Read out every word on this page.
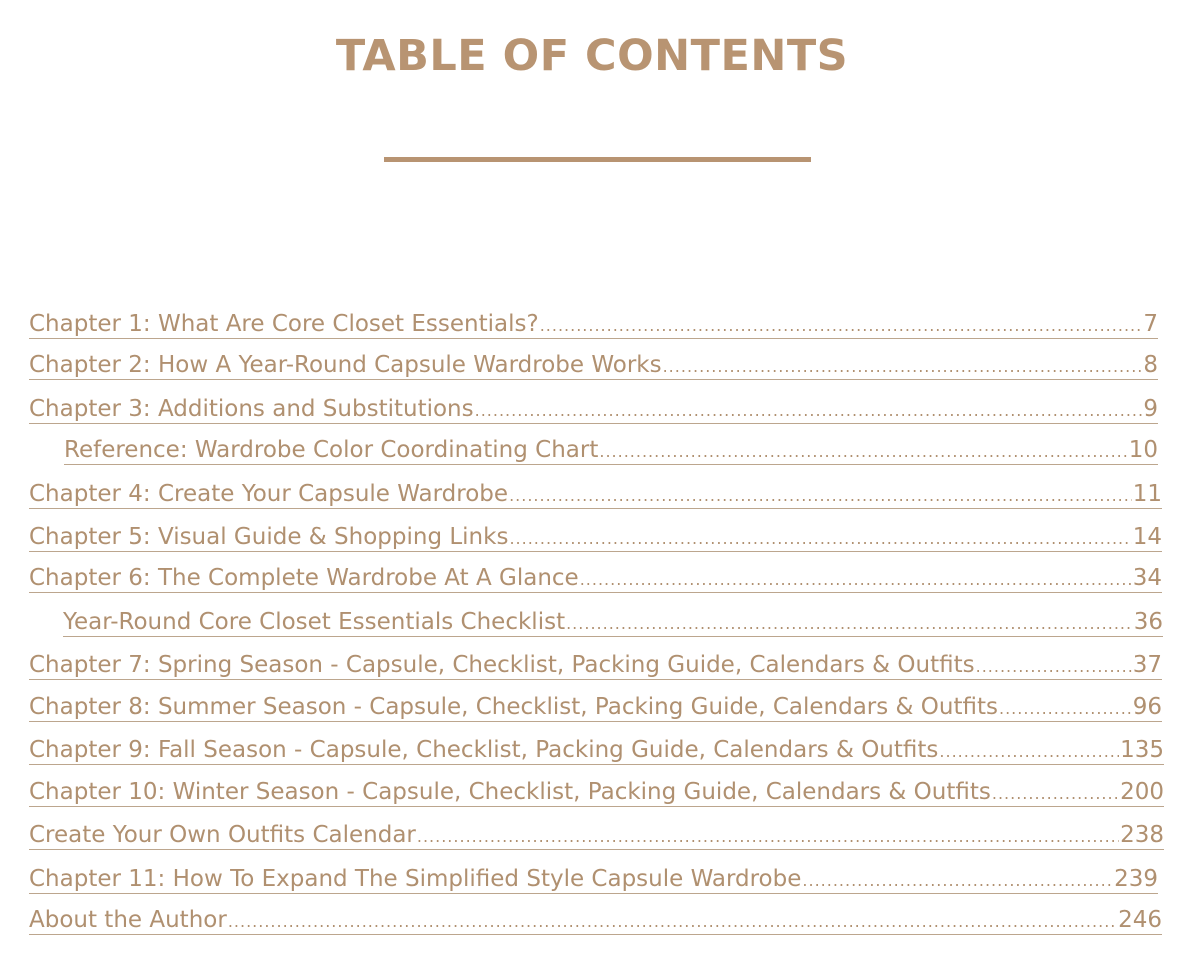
TABLE OF CONTENTS
Chapter 1: What Are Core Closet Essentials? .....	7
Chapter 2: How A Year-Round Capsule Wardrobe Works .....	8
Chapter 3: Additions and Substitutions .....	9
Reference: Wardrobe Color Coordinating Chart .....	10
Chapter 4: Create Your Capsule Wardrobe .....	11
Chapter 5: Visual Guide & Shopping Links .....	14
Chapter 6: The Complete Wardrobe At A Glance .....	34
Year-Round Core Closet Essentials Checklist .....	36
Chapter 7: Spring Season - Capsule, Checklist, Packing Guide, Calendars & Outfits .....	37
Chapter 8: Summer Season - Capsule, Checklist, Packing Guide, Calendars & Outfits .....	96
Chapter 9: Fall Season - Capsule, Checklist, Packing Guide, Calendars & Outfits .....	135
Chapter 10: Winter Season - Capsule, Checklist, Packing Guide, Calendars & Outfits .....	200
Create Your Own Outfits Calendar .....	238
Chapter 11: How To Expand The Simplified Style Capsule Wardrobe .....	239
About the Author .....	246
